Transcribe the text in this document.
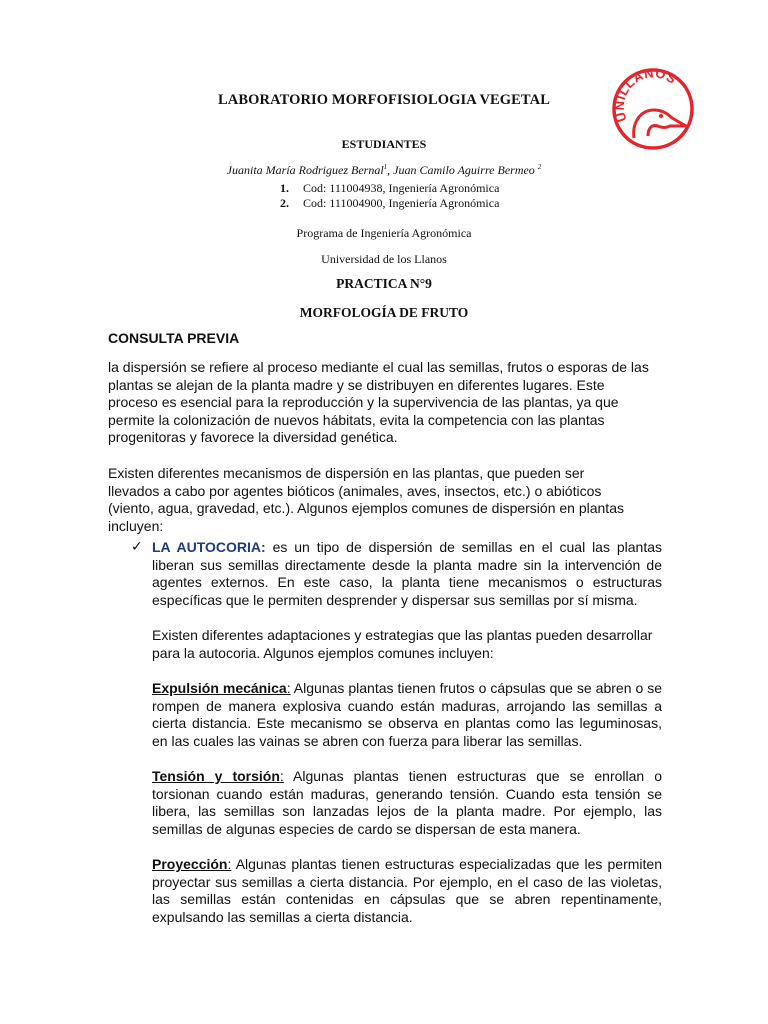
UNILLANOS
LABORATORIO MORFOFISIOLOGIA VEGETAL
ESTUDIANTES
Juanita María Rodriguez Bernal$^1$, Juan Camilo Aguirre Bermeo $^2$
1. Cod: 111004938, Ingeniería Agronómica
2. Cod: 111004900, Ingeniería Agronómica
Programa de Ingeniería Agronómica
Universidad de los Llanos
PRACTICA N°9
MORFOLOGÍA DE FRUTO
CONSULTA PREVIA
la dispersión se refiere al proceso mediante el cual las semillas, frutos o esporas de las plantas se alejan de la planta madre y se distribuyen en diferentes lugares. Este proceso es esencial para la reproducción y la supervivencia de las plantas, ya que permite la colonización de nuevos hábitats, evita la competencia con las plantas progenitoras y favorece la diversidad genética.
Existen diferentes mecanismos de dispersión en las plantas, que pueden ser llevados a cabo por agentes bióticos (animales, aves, insectos, etc.) o abióticos (viento, agua, gravedad, etc.). Algunos ejemplos comunes de dispersión en plantas incluyen:
✓ LA AUTOCORIA: es un tipo de dispersión de semillas en el cual las plantas liberan sus semillas directamente desde la planta madre sin la intervención de agentes externos. En este caso, la planta tiene mecanismos o estructuras específicas que le permiten desprender y dispersar sus semillas por sí misma.
Existen diferentes adaptaciones y estrategias que las plantas pueden desarrollar para la autocoria. Algunos ejemplos comunes incluyen:
Expulsión mecánica: Algunas plantas tienen frutos o cápsulas que se abren o se rompen de manera explosiva cuando están maduras, arrojando las semillas a cierta distancia. Este mecanismo se observa en plantas como las leguminosas, en las cuales las vainas se abren con fuerza para liberar las semillas.
Tensión y torsión: Algunas plantas tienen estructuras que se enrollan o torsionan cuando están maduras, generando tensión. Cuando esta tensión se libera, las semillas son lanzadas lejos de la planta madre. Por ejemplo, las semillas de algunas especies de cardo se dispersan de esta manera.
Proyección: Algunas plantas tienen estructuras especializadas que les permiten proyectar sus semillas a cierta distancia. Por ejemplo, en el caso de las violetas, las semillas están contenidas en cápsulas que se abren repentinamente, expulsando las semillas a cierta distancia.
